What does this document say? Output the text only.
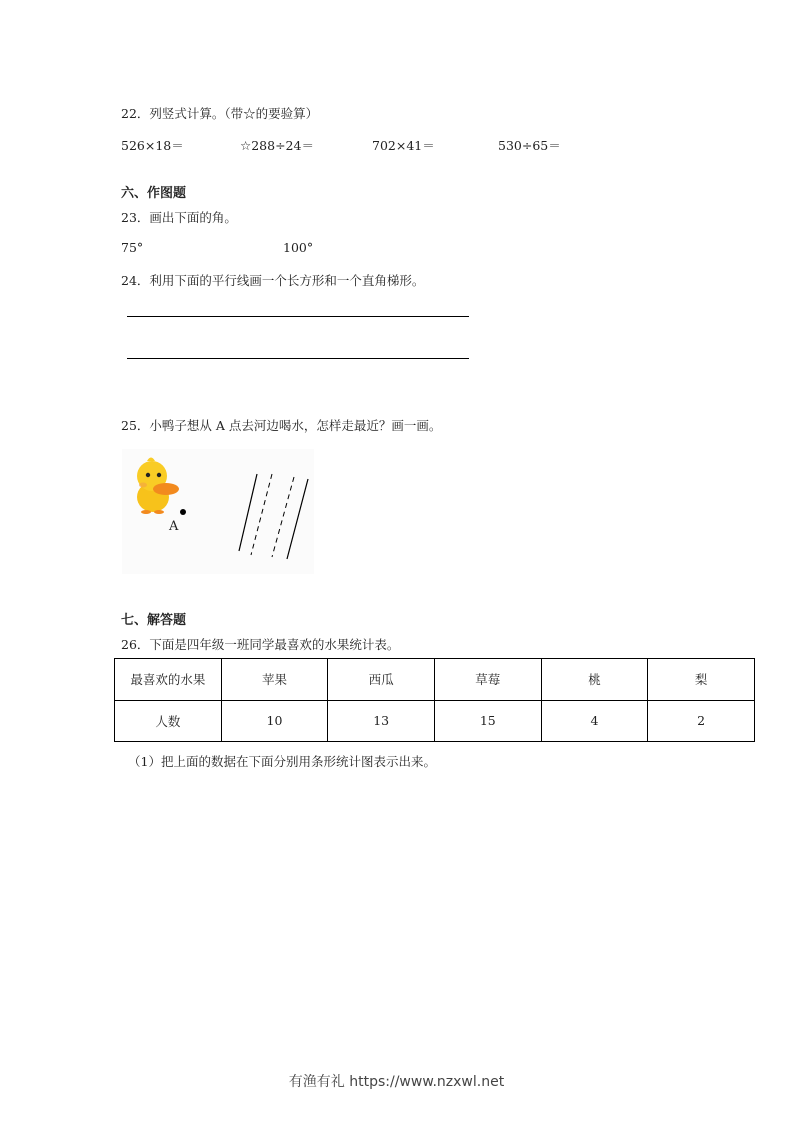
22．列竖式计算。（带☆的要验算）
526×18＝	☆288÷24＝	702×41＝	530÷65＝
六、作图题
23．画出下面的角。
75°	100°
24．利用下面的平行线画一个长方形和一个直角梯形。
25．小鸭子想从 A 点去河边喝水，怎样走最近？画一画。
A
七、解答题
26．下面是四年级一班同学最喜欢的水果统计表。
最喜欢的水果	苹果	西瓜	草莓	桃	梨
人数	10	13	15	4	2
（1）把上面的数据在下面分别用条形统计图表示出来。
有渔有礼 https://www.nzxwl.net
